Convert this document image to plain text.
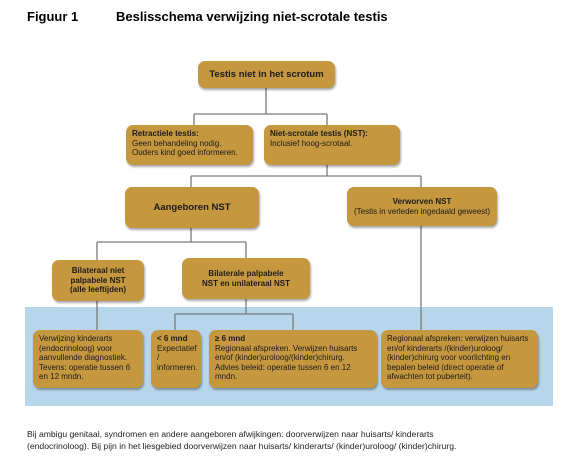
Figuur 1	Beslisschema verwijzing niet-scrotale testis
Testis niet in het scrotum
Retractiele testis:
Geen behandeling nodig.
Ouders kind goed informeren.
Niet-scrotale testis (NST):
Inclusief hoog-scrotaal.
Aangeboren NST
Verworven NST
(Testis in verleden ingedaald geweest)
Bilateraal niet
palpabele NST
(alle leeftijden)
Bilaterale palpabele
NST en unilateraal NST
Verwijzing kinderarts
(endocrinoloog) voor
aanvullende diagnostiek.
Tevens: operatie tussen 6
en 12 mndn.
< 6 mnd
Expectatief /
informeren.
≥ 6 mnd
Regionaal afspreken. Verwijzen huisarts
en/of (kinder)uroloog/(kinder)chirurg.
Advies beleid: operatie tussen 6 en 12 mndn.
Regionaal afspreken: verwijzen huisarts
en/of kinderarts /(kinder)uroloog/
(kinder)chirurg voor voorlichting en
bepalen beleid (direct operatie of
afwachten tot puberteit).
Bij ambigu genitaal, syndromen en andere aangeboren afwijkingen: doorverwijzen naar huisarts/ kinderarts
(endocrinoloog). Bij pijn in het liesgebied doorverwijzen naar huisarts/ kinderarts/ (kinder)uroloog/ (kinder)chirurg.
